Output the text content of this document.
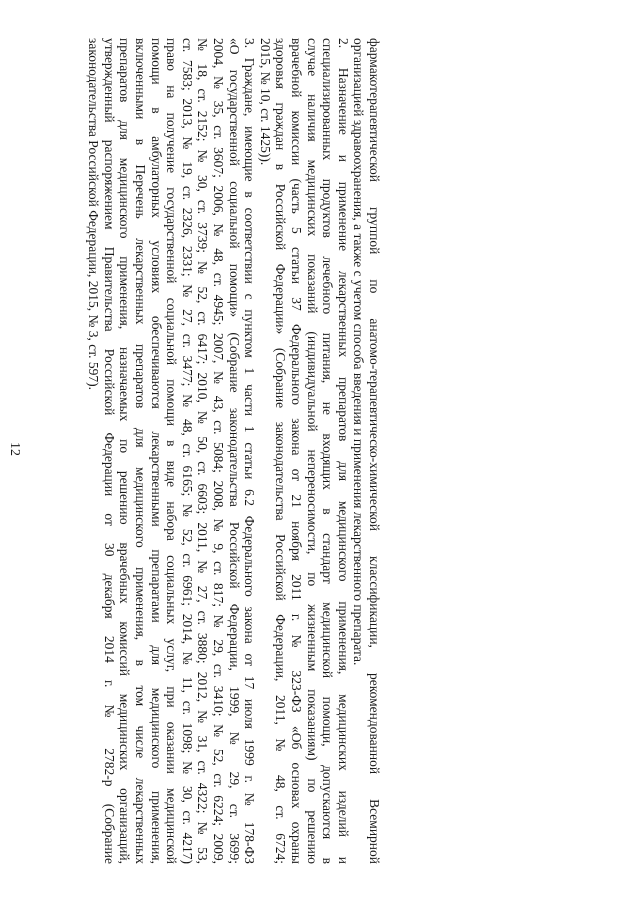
12	фармакотерапевтической группой по анатомо-терапевтическо-химической классификации, рекомендованной Всемирной
организацией здравоохранения, а также с учетом способа введения и применения лекарственного препарата.
2. Назначение и применение лекарственных препаратов для медицинского применения, медицинских изделий и
специализированных продуктов лечебного питания, не входящих в стандарт медицинской помощи, допускаются в
случае наличия медицинских показаний (индивидуальной непереносимости, по жизненным показаниям) по решению
врачебной комиссии (часть 5 статьи 37 Федерального закона от 21 ноября 2011 г. № 323-ФЗ «Об основах охраны
здоровья граждан в Российской Федерации» (Собрание законодательства Российской Федерации, 2011, № 48, ст. 6724;
2015, № 10, ст. 1425)).
3. Граждане, имеющие в соответствии с пунктом 1 части 1 статьи 6.2 Федерального закона от 17 июля 1999 г. № 178-ФЗ
«О государственной социальной помощи» (Собрание законодательства Российской Федерации, 1999, № 29, ст. 3699;
2004, № 35, ст. 3607; 2006, № 48, ст. 4945; 2007, № 43, ст. 5084; 2008, № 9, ст. 817; № 29, ст. 3410; № 52, ст. 6224; 2009,
№ 18, ст. 2152; № 30, ст. 3739; № 52, ст. 6417; 2010, № 50, ст. 6603; 2011, № 27, ст. 3880; 2012, № 31, ст. 4322; № 53,
ст. 7583; 2013, № 19, ст. 2326, 2331; № 27, ст. 3477; № 48, ст. 6165; № 52, ст. 6961; 2014, № 11, ст. 1098; № 30, ст. 4217)
право на получение государственной социальной помощи в виде набора социальных услуг, при оказании медицинской
помощи в амбулаторных условиях обеспечиваются лекарственными препаратами для медицинского применения,
включенными в Перечень лекарственных препаратов для медицинского применения, в том числе лекарственных
препаратов для медицинского применения, назначаемых по решению врачебных комиссий медицинских организаций,
утвержденный распоряжением Правительства Российской Федерации от 30 декабря 2014 г. № 2782-р (Собрание
законодательства Российской Федерации, 2015, № 3, ст. 597).
